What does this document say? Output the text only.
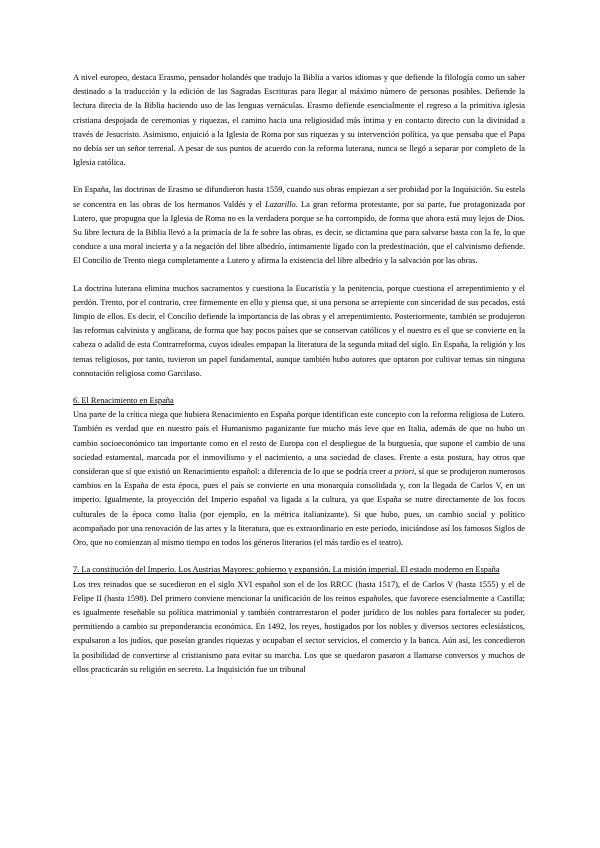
A nivel europeo, destaca Erasmo, pensador holandés que tradujo la Biblia a varios idiomas y que defiende la filología como un saber destinado a la traducción y la edición de las Sagradas Escrituras para llegar al máximo número de personas posibles. Defiende la lectura directa de la Biblia haciendo uso de las lenguas vernáculas. Erasmo defiende esencialmente el regreso a la primitiva iglesia cristiana despojada de ceremonias y riquezas, el camino hacia una religiosidad más íntima y en contacto directo con la divinidad a través de Jesucristo. Asimismo, enjuició a la Iglesia de Roma por sus riquezas y su intervención política, ya que pensaba que el Papa no debía ser un señor terrenal. A pesar de sus puntos de acuerdo con la reforma luterana, nunca se llegó a separar por completo de la Iglesia católica.

En España, las doctrinas de Erasmo se difundieron hasta 1559, cuando sus obras empiezan a ser probidad por la Inquisición. Su estela se concentra en las obras de los hermanos Valdés y el Lazarillo. La gran reforma protestante, por su parte, fue protagonizada por Lutero, que propugna que la Iglesia de Roma no es la verdadera porque se ha corrompido, de forma que ahora está muy lejos de Dios. Su libre lectura de la Biblia llevó a la primacía de la fe sobre las obras, es decir, se dictamina que para salvarse basta con la fe, lo que conduce a una moral incierta y a la negación del libre albedrío, íntimamente ligado con la predestinación, que el calvinismo defiende. El Concilio de Trento niega completamente a Lutero y afirma la existencia del libre albedrío y la salvación por las obras.

La doctrina luterana elimina muchos sacramentos y cuestiona la Eucaristía y la penitencia, porque cuestiona el arrepentimiento y el perdón. Trento, por el contrario, cree firmemente en ello y piensa que, si una persona se arrepiente con sinceridad de sus pecados, está limpio de ellos. Es decir, el Concilio defiende la importancia de las obras y el arrepentimiento. Posteriormente, también se produjeron las reformas calvinista y anglicana, de forma que hay pocos países que se conservan católicos y el nuestro es el que se convierte en la cabeza o adalid de esta Contrarreforma, cuyos ideales empapan la literatura de la segunda mitad del siglo. En España, la religión y los temas religiosos, por tanto, tuvieron un papel fundamental, aunque también hubo autores que optaron por cultivar temas sin ninguna connotación religiosa como Garcilaso.

6. El Renacimiento en España

Una parte de la crítica niega que hubiera Renacimiento en España porque identifican este concepto con la reforma religiosa de Lutero. También es verdad que en nuestro país el Humanismo paganizante fue mucho más leve que en Italia, además de que no hubo un cambio socioeconómico tan importante como en el resto de Europa con el despliegue de la burguesía, que supone el cambio de una sociedad estamental, marcada por el inmovilismo y el nacimiento, a una sociedad de clases. Frente a esta postura, hay otros que consideran que sí que existió un Renacimiento español: a diferencia de lo que se podría creer a priori, sí que se produjeron numerosos cambios en la España de esta época, pues el país se convierte en una monarquía consolidada y, con la llegada de Carlos V, en un imperio. Igualmente, la proyección del Imperio español va ligada a la cultura, ya que España se nutre directamente de los focos culturales de la época como Italia (por ejemplo, en la métrica italianizante). Si que hubo, pues, un cambio social y político acompañado por una renovación de las artes y la literatura, que es extraordinario en este periodo, iniciándose así los famosos Siglos de Oro, que no comienzan al mismo tiempo en todos los géneros literarios (el más tardío es el teatro).

7. La constitución del Imperio. Los Austrias Mayores: gobierno y expansión. La misión imperial. El estado moderno en España

Los tres reinados que se sucedieron en el siglo XVI español son el de los RRCC (hasta 1517), el de Carlos V (hasta 1555) y el de Felipe II (hasta 1598). Del primero conviene mencionar la unificación de los reinos españoles, que favorece esencialmente a Castilla; es igualmente reseñable su política matrimonial y también contrarrestaron el poder jurídico de los nobles para fortalecer su poder, permitiendo a cambio su preponderancia económica. En 1492, los reyes, hostigados por los nobles y diversos sectores eclesiásticos, expulsaron a los judíos, que poseían grandes riquezas y ocupaban el sector servicios, el comercio y la banca. Aún así, les concedieron la posibilidad de convertirse al cristianismo para evitar su marcha. Los que se quedaron pasaron a llamarse conversos y muchos de ellos practicarán su religión en secreto. La Inquisición fue un tribunal
